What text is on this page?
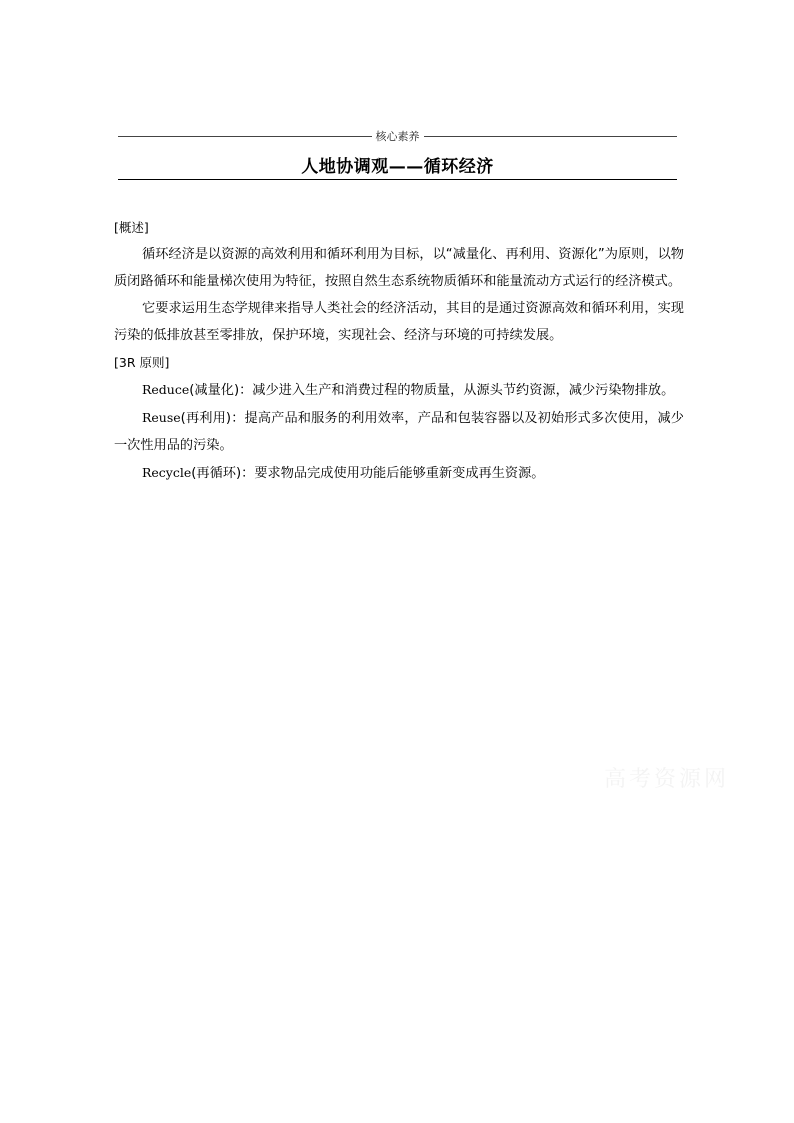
核心素养
人地协调观——循环经济

[概述]

循环经济是以资源的高效利用和循环利用为目标，以“减量化、再利用、资源化”为原则，以物质闭路循环和能量梯次使用为特征，按照自然生态系统物质循环和能量流动方式运行的经济模式。

它要求运用生态学规律来指导人类社会的经济活动，其目的是通过资源高效和循环利用，实现污染的低排放甚至零排放，保护环境，实现社会、经济与环境的可持续发展。

[3R 原则]

Reduce(减量化)：减少进入生产和消费过程的物质量，从源头节约资源，减少污染物排放。

Reuse(再利用)：提高产品和服务的利用效率，产品和包装容器以及初始形式多次使用，减少一次性用品的污染。

Recycle(再循环)：要求物品完成使用功能后能够重新变成再生资源。

高考资源网
